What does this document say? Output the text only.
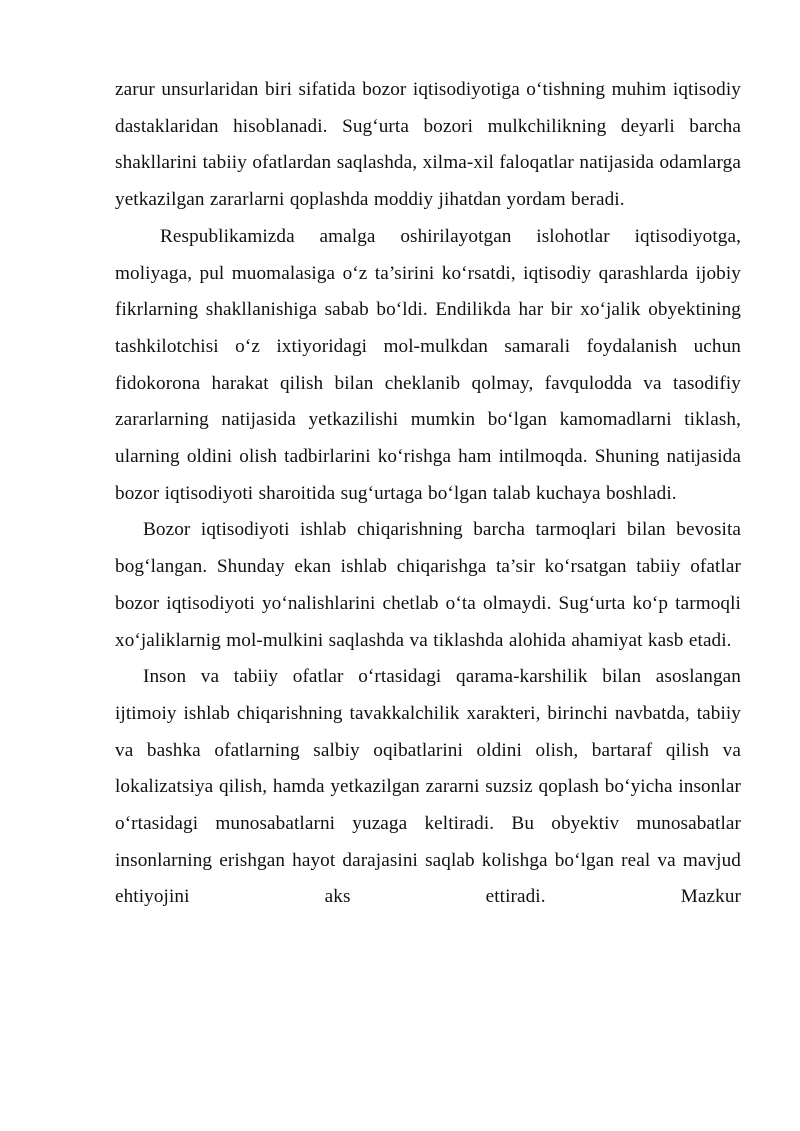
zarur unsurlaridan biri sifatida bozor iqtisodiyotiga o‘tishning muhim iqtisodiy dastaklaridan hisoblanadi. Sug‘urta bozori mulkchilikning deyarli barcha shakllarini tabiiy ofatlardan saqlashda, xilma-xil faloqatlar natijasida odamlarga yetkazilgan zararlarni qoplashda moddiy jihatdan yordam beradi.

Respublikamizda amalga oshirilayotgan islohotlar iqtisodiyotga, moliyaga, pul muomalasiga o‘z ta’sirini ko‘rsatdi, iqtisodiy qarashlarda ijobiy fikrlarning shakllanishiga sabab bo‘ldi. Endilikda har bir xo‘jalik obyektining tashkilotchisi o‘z ixtiyoridagi mol-mulkdan samarali foydalanish uchun fidokorona harakat qilish bilan cheklanib qolmay, favqulodda va tasodifiy zararlarning natijasida yetkazilishi mumkin bo‘lgan kamomadlarni tiklash, ularning oldini olish tadbirlarini ko‘rishga ham intilmoqda. Shuning natijasida bozor iqtisodiyoti sharoitida sug‘urtaga bo‘lgan talab kuchaya boshladi.

Bozor iqtisodiyoti ishlab chiqarishning barcha tarmoqlari bilan bevosita bog‘langan. Shunday ekan ishlab chiqarishga ta’sir ko‘rsatgan tabiiy ofatlar bozor iqtisodiyoti yo‘nalishlarini chetlab o‘ta olmaydi. Sug‘urta ko‘p tarmoqli xo‘jaliklarnig mol-mulkini saqlashda va tiklashda alohida ahamiyat kasb etadi.

Inson va tabiiy ofatlar o‘rtasidagi qarama-karshilik bilan asoslangan ijtimoiy ishlab chiqarishning tavakkalchilik xarakteri, birinchi navbatda, tabiiy va bashka ofatlarning salbiy oqibatlarini oldini olish, bartaraf qilish va lokalizatsiya qilish, hamda yetkazilgan zararni suzsiz qoplash bo‘yicha insonlar o‘rtasidagi munosabatlarni yuzaga keltiradi. Bu obyektiv munosabatlar insonlarning erishgan hayot darajasini saqlab kolishga bo‘lgan real va mavjud ehtiyojini aks ettiradi. Mazkur
